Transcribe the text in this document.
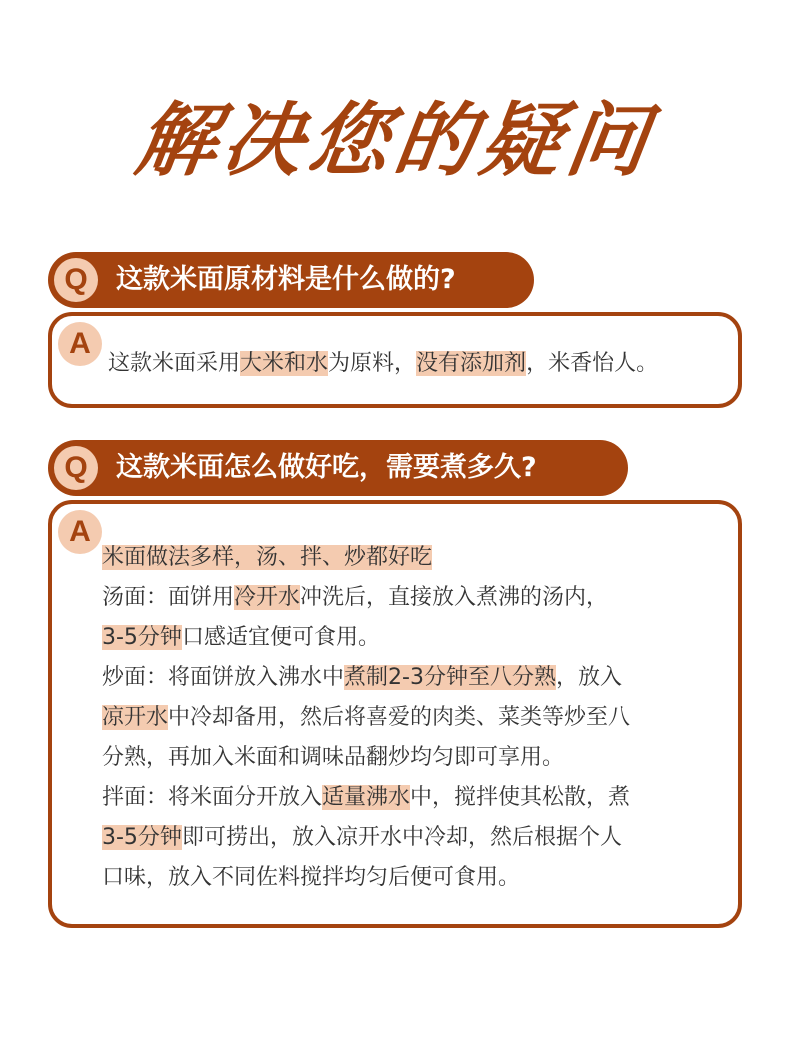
解决您的疑问
A
这款米面采用大米和水为原料，没有添加剂，米香怡人。
Q	这款米面原材料是什么做的?
A
米面做法多样，汤、拌、炒都好吃
汤面：面饼用冷开水冲洗后，直接放入煮沸的汤内，
3-5分钟口感适宜便可食用。
炒面：将面饼放入沸水中煮制2-3分钟至八分熟，放入
凉开水中冷却备用，然后将喜爱的肉类、菜类等炒至八
分熟，再加入米面和调味品翻炒均匀即可享用。
拌面：将米面分开放入适量沸水中，搅拌使其松散，煮
3-5分钟即可捞出，放入凉开水中冷却，然后根据个人
口味，放入不同佐料搅拌均匀后便可食用。
Q	这款米面怎么做好吃，需要煮多久?
